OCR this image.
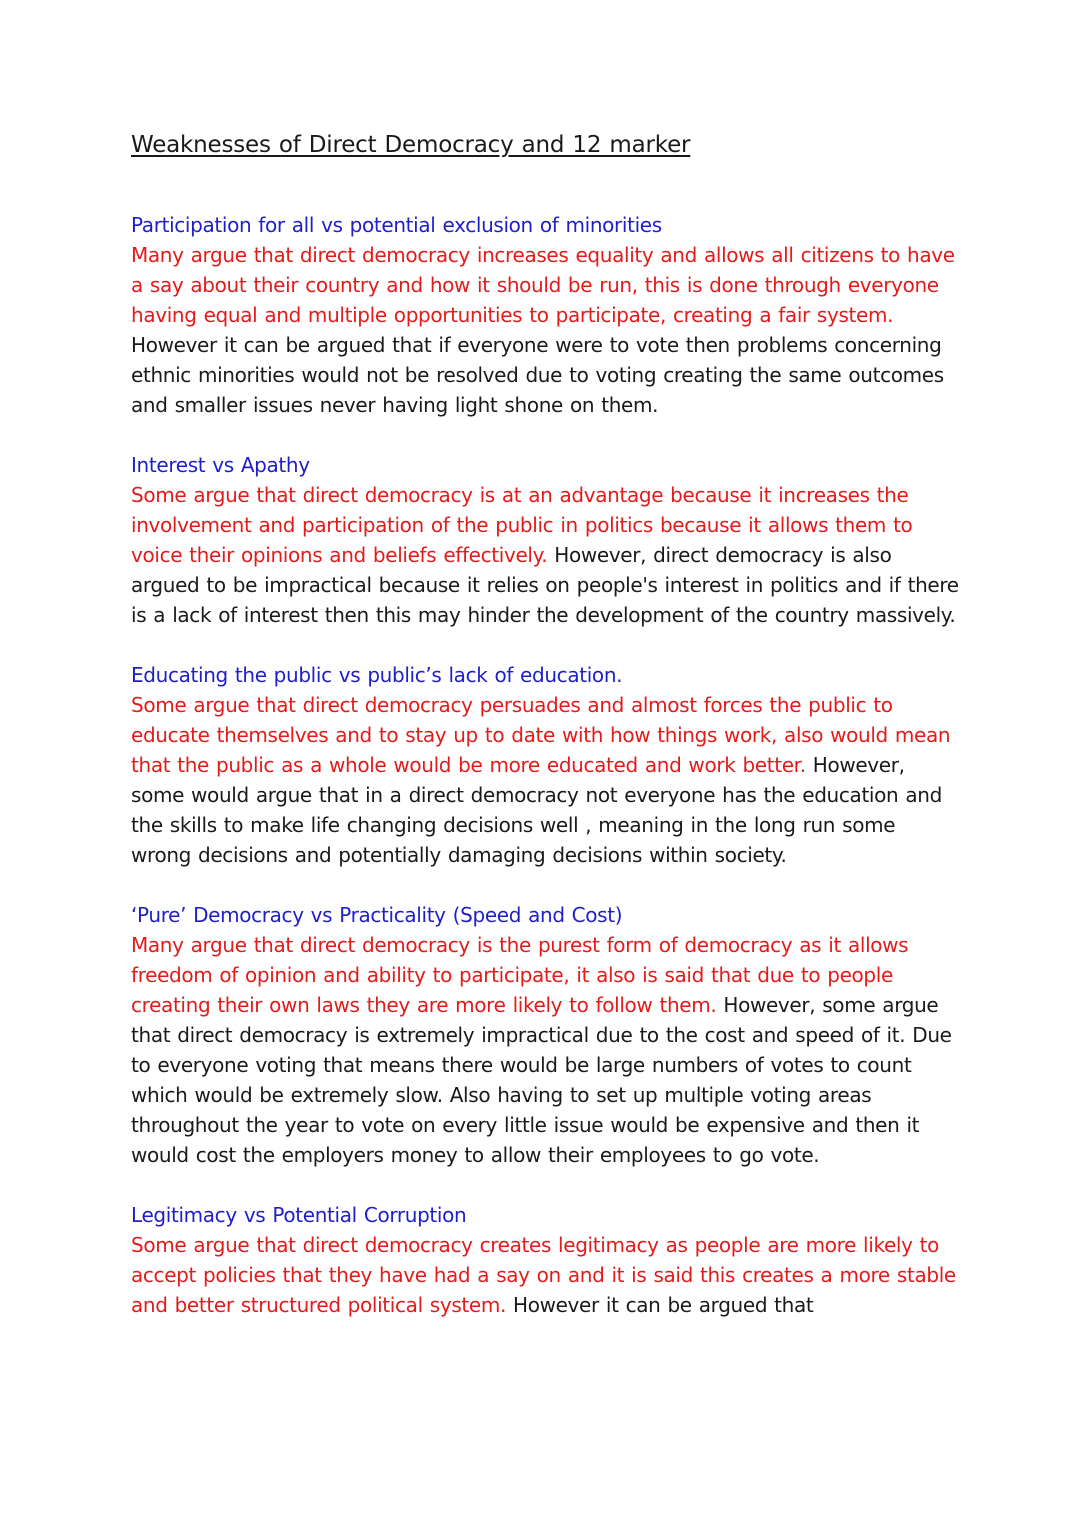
Weaknesses of Direct Democracy and 12 marker

Participation for all vs potential exclusion of minorities

Many argue that direct democracy increases equality and allows all citizens to have a say about their country and how it should be run, this is done through everyone having equal and multiple opportunities to participate, creating a fair system. However it can be argued that if everyone were to vote then problems concerning ethnic minorities would not be resolved due to voting creating the same outcomes and smaller issues never having light shone on them.

Interest vs Apathy

Some argue that direct democracy is at an advantage because it increases the involvement and participation of the public in politics because it allows them to voice their opinions and beliefs effectively. However, direct democracy is also argued to be impractical because it relies on people's interest in politics and if there is a lack of interest then this may hinder the development of the country massively.

Educating the public vs public’s lack of education.

Some argue that direct democracy persuades and almost forces the public to educate themselves and to stay up to date with how things work, also would mean that the public as a whole would be more educated and work better. However, some would argue that in a direct democracy not everyone has the education and the skills to make life changing decisions well , meaning in the long run some wrong decisions and potentially damaging decisions within society.

‘Pure’ Democracy vs Practicality (Speed and Cost)

Many argue that direct democracy is the purest form of democracy as it allows freedom of opinion and ability to participate, it also is said that due to people creating their own laws they are more likely to follow them. However, some argue that direct democracy is extremely impractical due to the cost and speed of it. Due to everyone voting that means there would be large numbers of votes to count which would be extremely slow. Also having to set up multiple voting areas throughout the year to vote on every little issue would be expensive and then it would cost the employers money to allow their employees to go vote.

Legitimacy vs Potential Corruption

Some argue that direct democracy creates legitimacy as people are more likely to accept policies that they have had a say on and it is said this creates a more stable and better structured political system. However it can be argued that
